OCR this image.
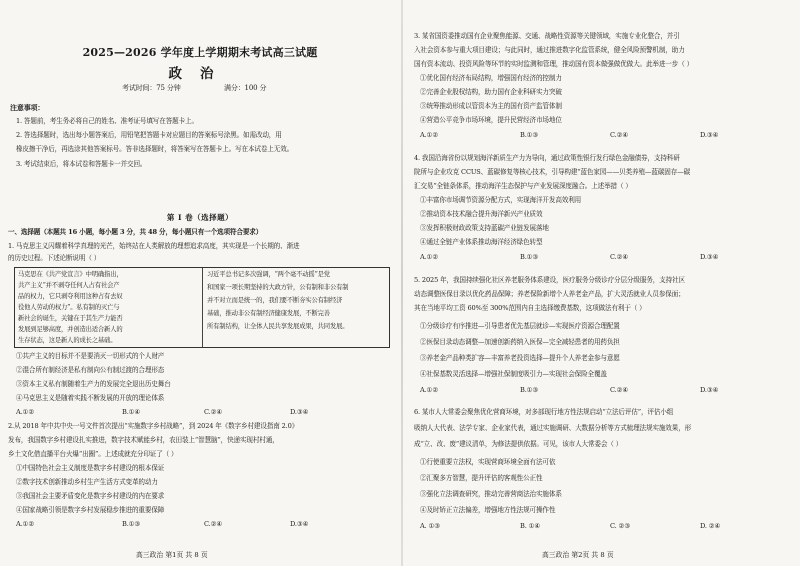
2025—2026 学年度上学期期末考试高三试题
政治
考试时间：75 分钟	满分：100 分
注意事项：
1. 答题前，考生务必将自己的姓名、准考证号填写在答题卡上。
2. 答选择题时，选出每小题答案后，用铅笔把答题卡对应题目的答案标号涂黑。如需改动，用
橡皮擦干净后，再选涂其他答案标号。答非选择题时，将答案写在答题卡上。写在本试卷上无效。
3. 考试结束后，将本试卷和答题卡一并交回。
第 I 卷（选择题）
一、选择题（本题共 16 小题，每小题 3 分，共 48 分，每小题只有一个选项符合要求）
1. 马克思主义闪耀着科学真理的光芒，始终站在人类解放的理想追求高度，其实现是一个长期的、渐进
的历史过程。下述论断说明（ ）
马克思在《共产党宣言》中明确指出，
共产主义“并不剥夺任何人占有社会产
品的权力，它只剥夺利用这种占有去奴
役他人劳动的权力”。私有制的灭亡与
新社会的诞生，关键在于其生产力能否
发展到足够高度，并创造出适合新人的
生存状态，这是新人的成长之基础。
习近平总书记多次强调，“两个毫不动摇”是党
和国家一项长期坚持的大政方针，公有制和非公有制
并不对立而是统一的，我们要不断夯实公有制经济
基础，推动非公有制经济健康发展，不断完善
所有制结构，让全体人民共享发展成果，共同发展。
①共产主义的目标并不是要消灭一切形式的个人财产
②混合所有制经济是私有制向公有制过渡的合理形态
③资本主义私有制随着生产力的发展完全退出历史舞台
④马克思主义是随着实践不断发展的开放的理论体系
A.①②	B.①④	C.②④	D.③④
2.从 2018 年中共中央一号文件首次提出“实施数字乡村战略”，到 2024 年《数字乡村建设指南 2.0》
发布，我国数字乡村建设扎实推进，数字技术赋能乡村，农田装上“智慧脑”，快递实现村村通，
乡土文化借直播平台火爆“出圈”。上述成就充分印证了（ ）
①中国特色社会主义制度是数字乡村建设的根本保证
②数字技术创新推动乡村生产生活方式变革的动力
③我国社会主要矛盾变化是数字乡村建设的内在要求
④国家战略引领是数字乡村发展稳步推进的重要保障
A.①②	B.①③	C.②④	D.③④
高三政治 第1页 共 8 页
3. 某省国资委推动国有企业聚焦能源、交通、战略性资源等关键领域，实施专业化整合，并引
入社会资本参与重大项目建设；与此同时，通过推进数字化监管系统，健全风险预警机制，助力
国有资本流动、投资风险等环节的实时监测和管理，推动国有资本做强做优做大。此举进一步（ ）
①优化国有经济布局结构，增强国有经济的控制力
②完善企业股权结构，助力国有企业科研实力突破
③统筹推动形成以管资本为主的国有资产监管体制
④营造公平竞争市场环境，提升民营经济市场地位
A.①②	B.①③	C.②④	D.③④
4. 我国沿海省份以规划海洋新质生产力为导向，通过政策性银行发行绿色金融债券，支持科研
院所与企业攻克 CCUS、蓝碳修复等核心技术，引导构建“蓝色家园——贝类养殖—蓝碳固存—碳
汇交易”全链条体系，推动海洋生态保护与产业发展深度融合。上述举措（ ）
①丰富你市场调节资源分配方式，实现海洋开发高效利用
②推动资本技术融合提升海洋新兴产业质效
③发挥积极财政政策支持蓝碳产业链发展落地
④通过全链产业体系推动海洋经济绿色转型
A.①②	B.①③	C.②④	D.③④
5. 2025 年，我国持续强化社区养老服务体系建设，医疗服务分级诊疗分层分级服务，支持社区
动态调整医保目录以优化药品保障；养老保险新增个人养老金产品，扩大灵活就业人员参保面；
其在当地平均工资 60%至 300%范围内自主选择缴费基数，这项做法有利于（ ）
①分级诊疗有序推进—引导患者优先基层就诊—实现医疗资源合理配置
②医保目录动态调整—加速创新药纳入医保—完全减轻患者的用药负担
③养老金产品种类扩容—丰富养老投资选择—提升个人养老金参与意愿
④社保基数灵活选择—增强社保制度吸引力—实现社会保险全覆盖
A.①②	B.①③	C.②④	D.③④
6. 某市人大常委会聚焦优化营商环境，对多部现行地方性法规启动“立法后评估”，评估小组
吸纳人大代表、法学专家、企业家代表，通过实施调研、大数据分析等方式梳理法规实施效果，形
成“立、改、废”建议清单，为修法提供依据。可见，该市人大常委会（ ）
①行使重要立法权，实现营商环境全面有法可依
②汇聚多方智慧，提升评估的客观性公正性
③强化立法调查研究，推动完善营商法治实施体系
④及时矫正立法偏差，增强地方性法规可操作性
A. ①③	B. ①④	C. ②③	D. ②④
高三政治 第2页 共 8 页
